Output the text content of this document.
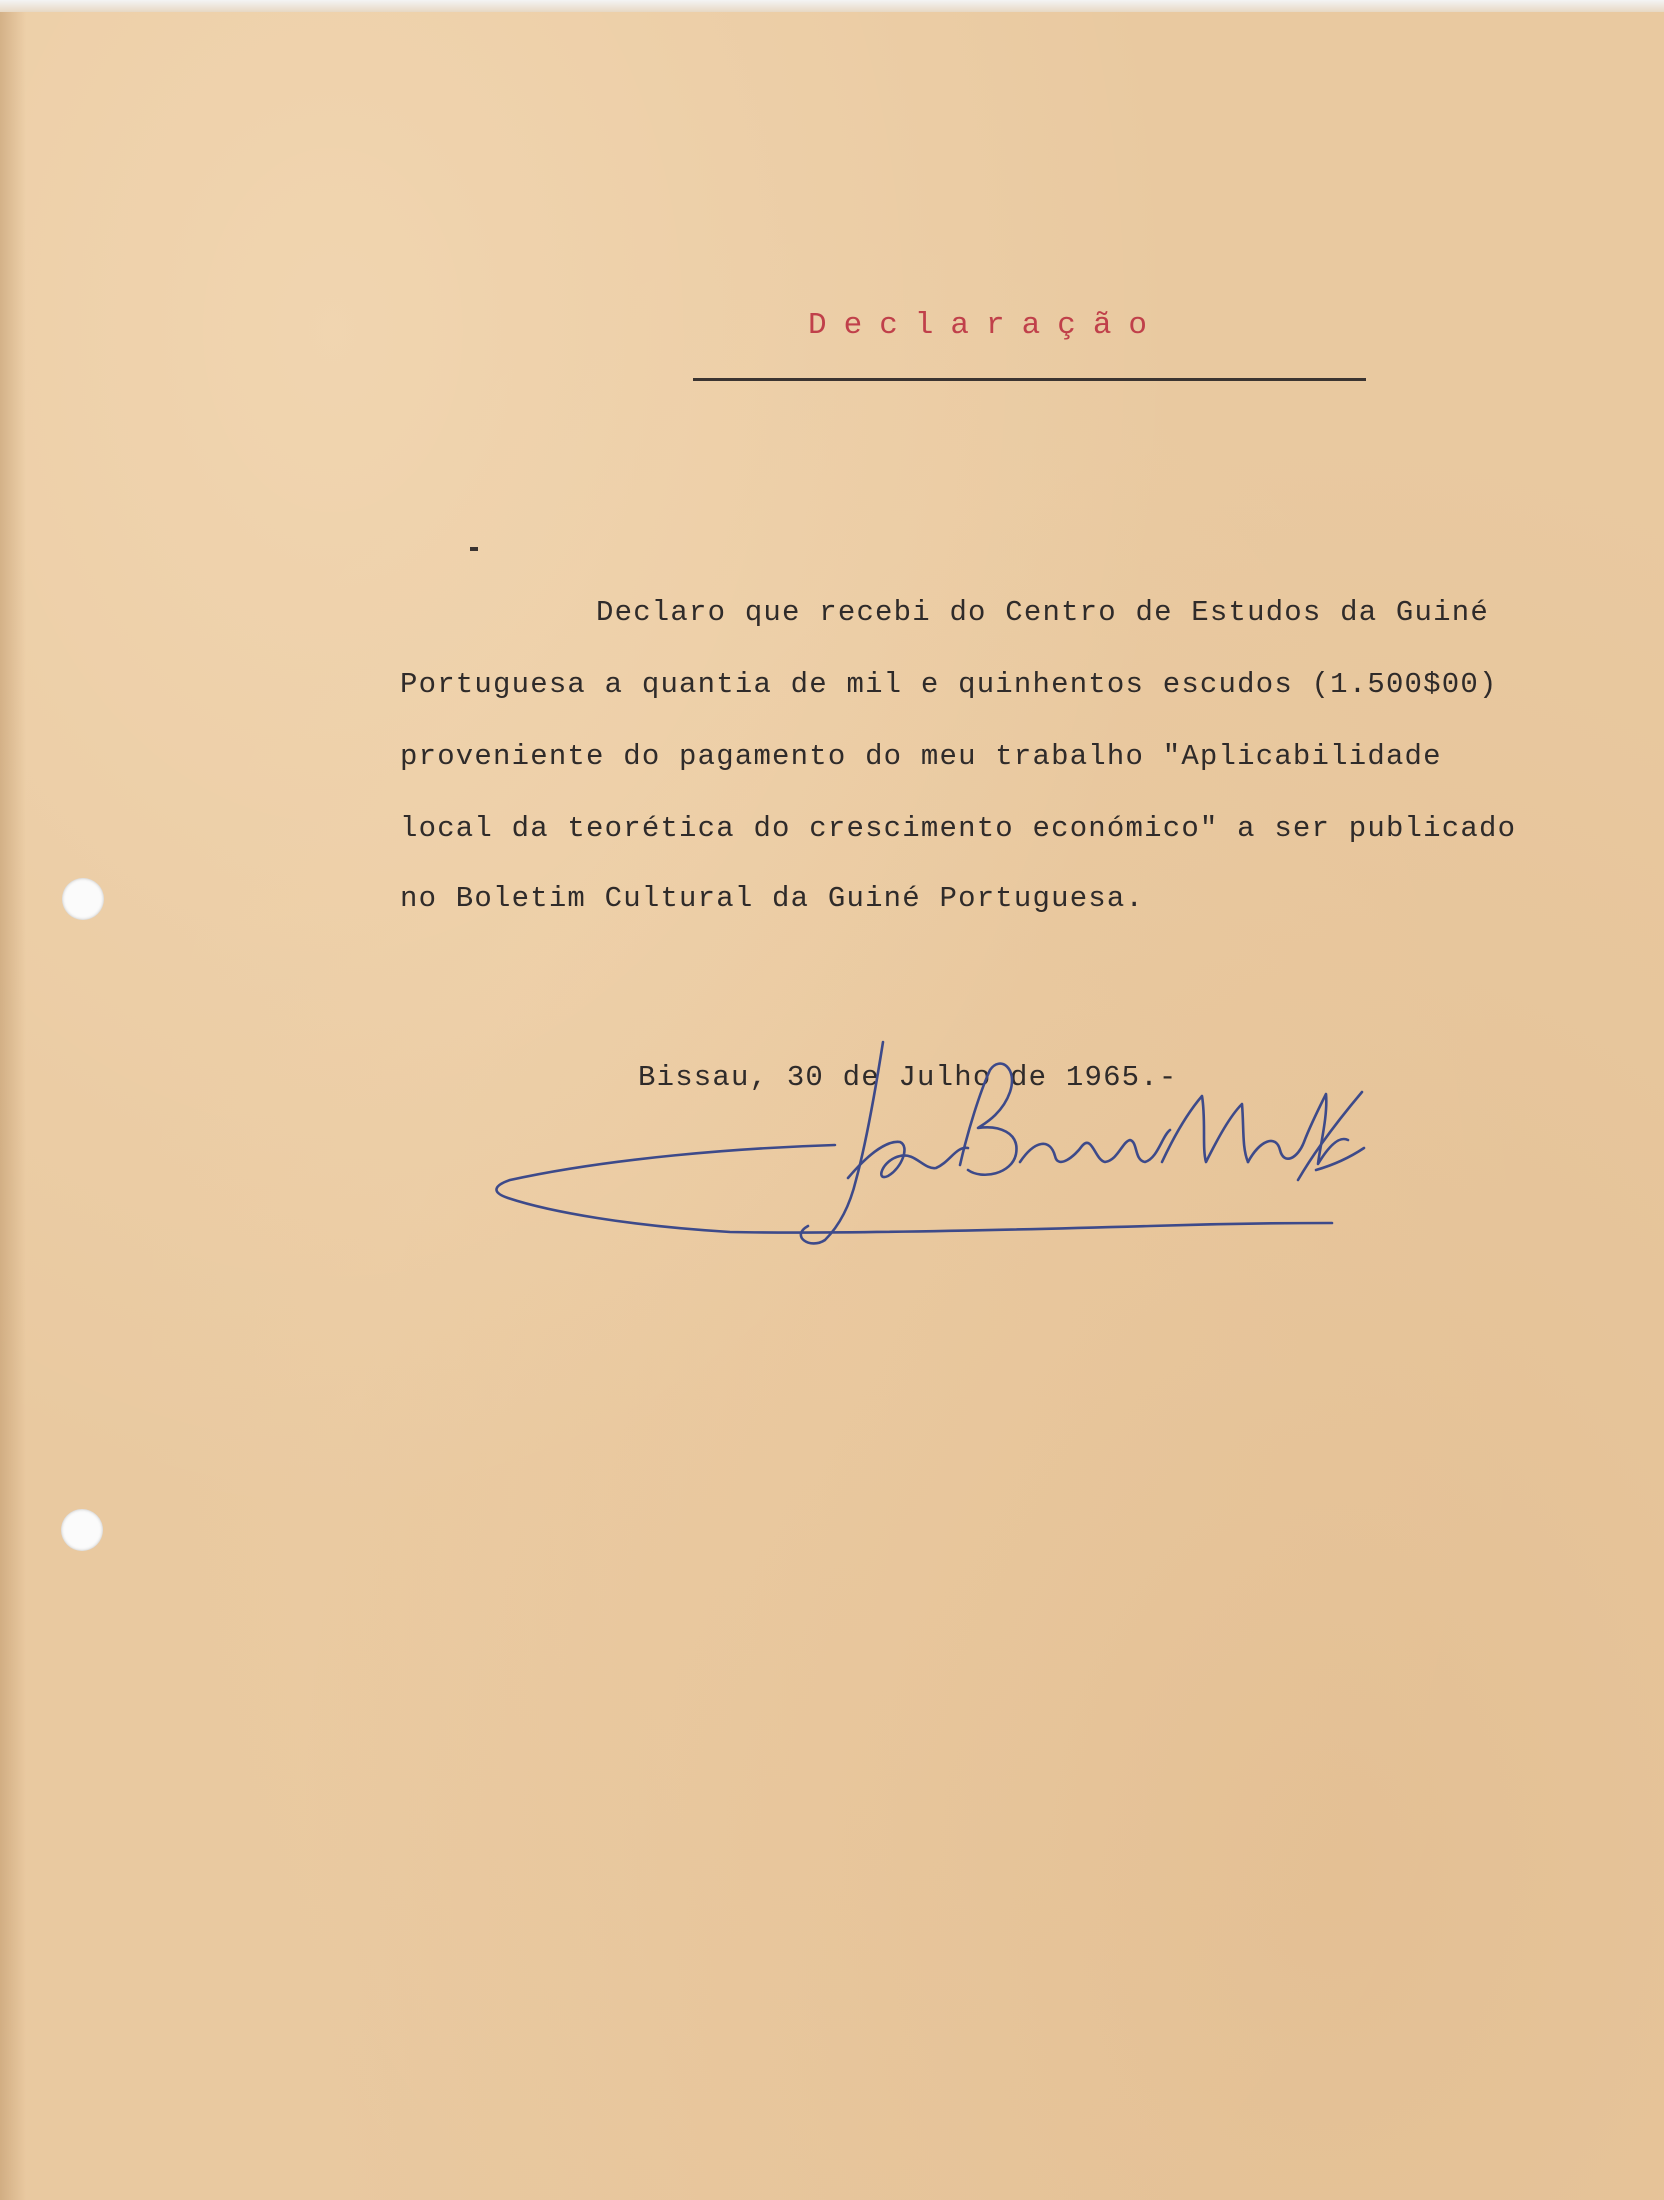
Declaração
Declaro que recebi do Centro de Estudos da Guiné
Portuguesa a quantia de mil e quinhentos escudos (1.500$00)
proveniente do pagamento do meu trabalho "Aplicabilidade
local da teorética do crescimento económico" a ser publicado
no Boletim Cultural da Guiné Portuguesa.
Bissau, 30 de Julho de 1965.-
